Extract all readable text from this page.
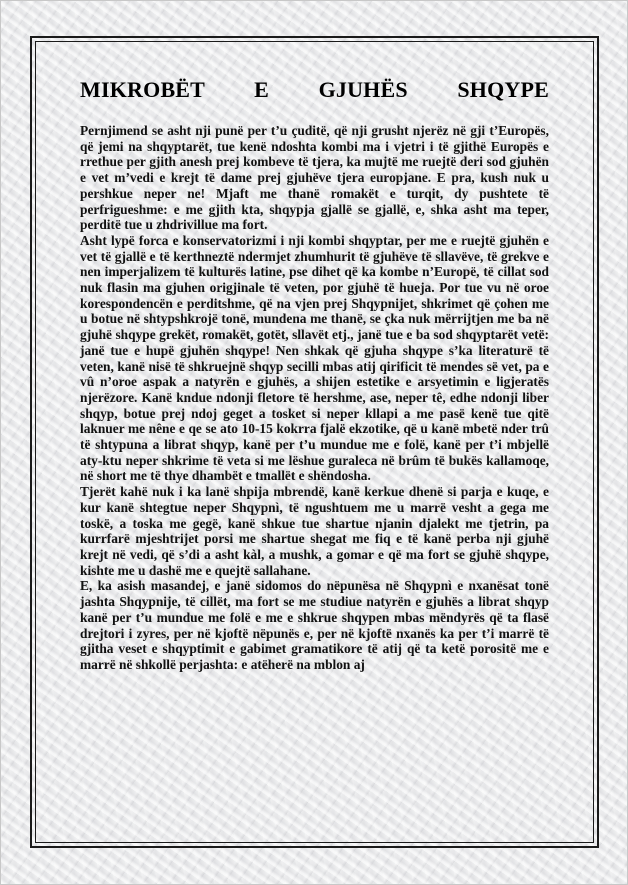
MIKROBËT E GJUHËS SHQYPE

Pernjimend se asht nji punë per t’u çuditë, që nji grusht njerëz në gji t’Europës, që jemi na shqyptarët, tue kenë ndoshta kombi ma i vjetri i të gjithë Europës e rrethue per gjith anesh prej kombeve të tjera, ka mujtë me ruejtë deri sod gjuhën e vet m’vedi e krejt të dame prej gjuhëve tjera europjane. E pra, kush nuk u pershkue neper ne! Mjaft me thanë romakët e turqit, dy pushtete të perfrigueshme: e me gjith kta, shqypja gjallë se gjallë, e, shka asht ma teper, perditë tue u zhdrivillue ma fort.

Asht lypë forca e konservatorizmi i nji kombi shqyptar, per me e ruejtë gjuhën e vet të gjallë e të kerthneztë ndermjet zhumhurit të gjuhëve të sllavëve, të grekve e nen imperjalizem të kulturës latine, pse dihet që ka kombe n’Europë, të cillat sod nuk flasin ma gjuhen origjinale të veten, por gjuhë të hueja. Por tue vu në oroe korespondencën e perditshme, që na vjen prej Shqypnijet, shkrimet që çohen me u botue në shtypshkrojë tonë, mundena me thanë, se çka nuk mërrijtjen me ba në gjuhë shqype grekët, romakët, gotët, sllavët etj., janë tue e ba sod shqyptarët vetë: janë tue e hupë gjuhën shqype! Nen shkak që gjuha shqype s’ka literaturë të veten, kanë nisë të shkruejnë shqyp secilli mbas atij qirificit të mendes së vet, pa e vû n’oroe aspak a natyrën e gjuhës, a shijen estetike e arsyetimin e ligjeratës njerëzore. Kanë kndue ndonji fletore të hershme, ase, neper tê, edhe ndonji liber shqyp, botue prej ndoj geget a tosket si neper kllapi a me pasë kenë tue qitë laknuer me nêne e qe se ato 10-15 kokrra fjalë ekzotike, që u kanë mbetë nder trû të shtypuna a librat shqyp, kanë per t’u mundue me e folë, kanë per t’i mbjellë aty-ktu neper shkrime të veta si me lëshue guraleca në brûm të bukës kallamoqe, në short me të thye dhambët e tmallët e shëndosha.

Tjerët kahë nuk i ka lanë shpija mbrendë, kanë kerkue dhenë si parja e kuqe, e kur kanë shtegtue neper Shqypnì, të ngushtuem me u marrë vesht a gega me toskë, a toska me gegë, kanë shkue tue shartue njanin djalekt me tjetrin, pa kurrfarë mjeshtrijet porsi me shartue shegat me fiq e të kanë perba nji gjuhë krejt në vedi, që s’di a asht kàl, a mushk, a gomar e që ma fort se gjuhë shqype, kishte me u dashë me e quejtë sallahane.

E, ka asish masandej, e janë sidomos do nëpunësa në Shqypnì e nxanësat tonë jashta Shqypnije, të cillët, ma fort se me studiue natyrën e gjuhës a librat shqyp kanë per t’u mundue me folë e me e shkrue shqypen mbas mëndyrës që ta flasë drejtori i zyres, per në kjoftë nëpunës e, per në kjoftë nxanës ka per t’i marrë të gjitha veset e shqyptimit e gabimet gramatikore të atij që ta ketë porositë me e marrë në shkollë perjashta: e atëherë na mblon aj
